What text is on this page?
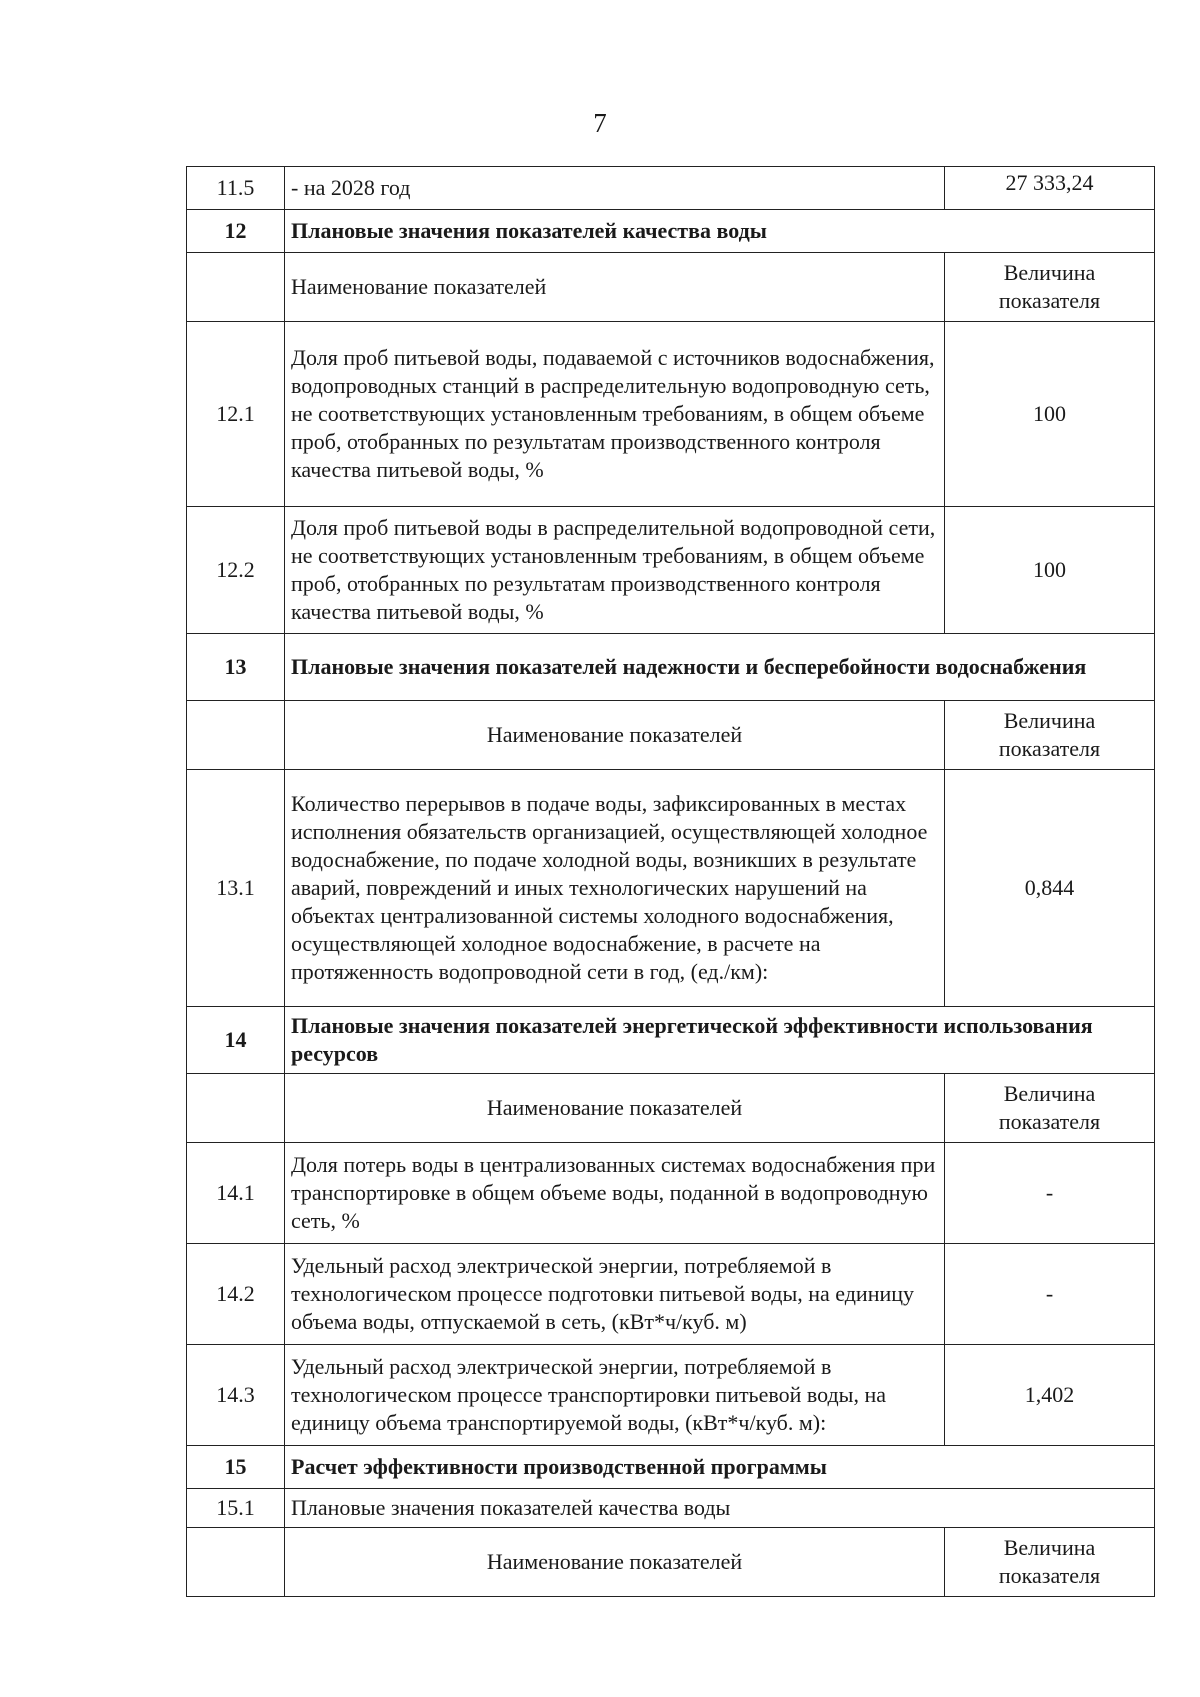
7
11.5	- на 2028 год	27 333,24
12	Плановые значения показателей качества воды	
	Наименование показателей	Величина показателя
12.1	Доля проб питьевой воды, подаваемой с источников водоснабжения, водопроводных станций в распределительную водопроводную сеть, не соответствующих установленным требованиям, в общем объеме проб, отобранных по результатам производственного контроля качества питьевой воды, %	100
12.2	Доля проб питьевой воды в распределительной водопроводной сети, не соответствующих установленным требованиям, в общем объеме проб, отобранных по результатам производственного контроля качества питьевой воды, %	100
13	Плановые значения показателей надежности и бесперебойности водоснабжения	
	Наименование показателей	Величина показателя
13.1	Количество перерывов в подаче воды, зафиксированных в местах исполнения обязательств организацией, осуществляющей холодное водоснабжение, по подаче холодной воды, возникших в результате аварий, повреждений и иных технологических нарушений на объектах централизованной системы холодного водоснабжения, осуществляющей холодное водоснабжение, в расчете на протяженность водопроводной сети в год, (ед./км):	0,844
14	Плановые значения показателей энергетической эффективности использования ресурсов	
	Наименование показателей	Величина показателя
14.1	Доля потерь воды в централизованных системах водоснабжения при транспортировке в общем объеме воды, поданной в водопроводную сеть, %	-
14.2	Удельный расход электрической энергии, потребляемой в технологическом процессе подготовки питьевой воды, на единицу объема воды, отпускаемой в сеть, (кВт*ч/куб. м)	-
14.3	Удельный расход электрической энергии, потребляемой в технологическом процессе транспортировки питьевой воды, на единицу объема транспортируемой воды, (кВт*ч/куб. м):	1,402
15	Расчет эффективности производственной программы	
15.1	Плановые значения показателей качества воды	
	Наименование показателей	Величина показателя
